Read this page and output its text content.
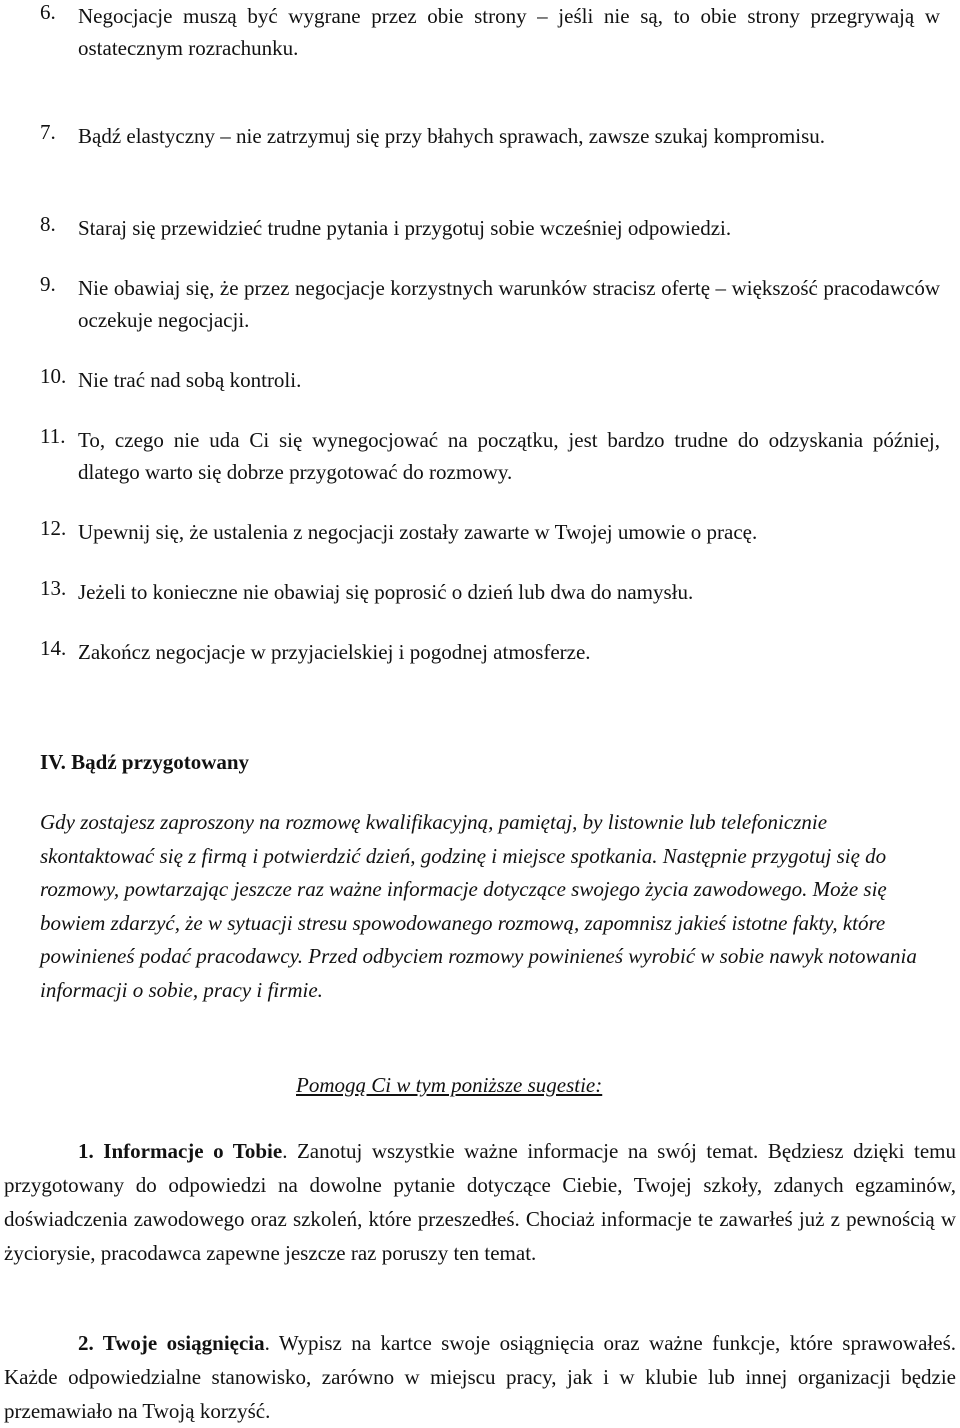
6. Negocjacje muszą być wygrane przez obie strony – jeśli nie są, to obie strony przegrywają w ostatecznym rozrachunku.
7. Bądź elastyczny – nie zatrzymuj się przy błahych sprawach, zawsze szukaj kompromisu.
8. Staraj się przewidzieć trudne pytania i przygotuj sobie wcześniej odpowiedzi.
9. Nie obawiaj się, że przez negocjacje korzystnych warunków stracisz ofertę – większość pracodawców oczekuje negocjacji.
10. Nie trać nad sobą kontroli.
11. To, czego nie uda Ci się wynegocjować na początku, jest bardzo trudne do odzyskania później, dlatego warto się dobrze przygotować do rozmowy.
12. Upewnij się, że ustalenia z negocjacji zostały zawarte w Twojej umowie o pracę.
13. Jeżeli to konieczne nie obawiaj się poprosić o dzień lub dwa do namysłu.
14. Zakończ negocjacje w przyjacielskiej i pogodnej atmosferze.
IV. Bądź przygotowany

Gdy zostajesz zaproszony na rozmowę kwalifikacyjną, pamiętaj, by listownie lub telefonicznie skontaktować się z firmą i potwierdzić dzień, godzinę i miejsce spotkania. Następnie przygotuj się do rozmowy, powtarzając jeszcze raz ważne informacje dotyczące swojego życia zawodowego. Może się bowiem zdarzyć, że w sytuacji stresu spowodowanego rozmową, zapomnisz jakieś istotne fakty, które powinieneś podać pracodawcy. Przed odbyciem rozmowy powinieneś wyrobić w sobie nawyk notowania informacji o sobie, pracy i firmie.

Pomogą Ci w tym poniższe sugestie:
1. Informacje o Tobie. Zanotuj wszystkie ważne informacje na swój temat. Będziesz dzięki temu przygotowany do odpowiedzi na dowolne pytanie dotyczące Ciebie, Twojej szkoły, zdanych egzaminów, doświadczenia zawodowego oraz szkoleń, które przeszedłeś. Chociaż informacje te zawarłeś już z pewnością w życiorysie, pracodawca zapewne jeszcze raz poruszy ten temat.
2. Twoje osiągnięcia. Wypisz na kartce swoje osiągnięcia oraz ważne funkcje, które sprawowałeś. Każde odpowiedzialne stanowisko, zarówno w miejscu pracy, jak i w klubie lub innej organizacji będzie przemawiało na Twoją korzyść.
